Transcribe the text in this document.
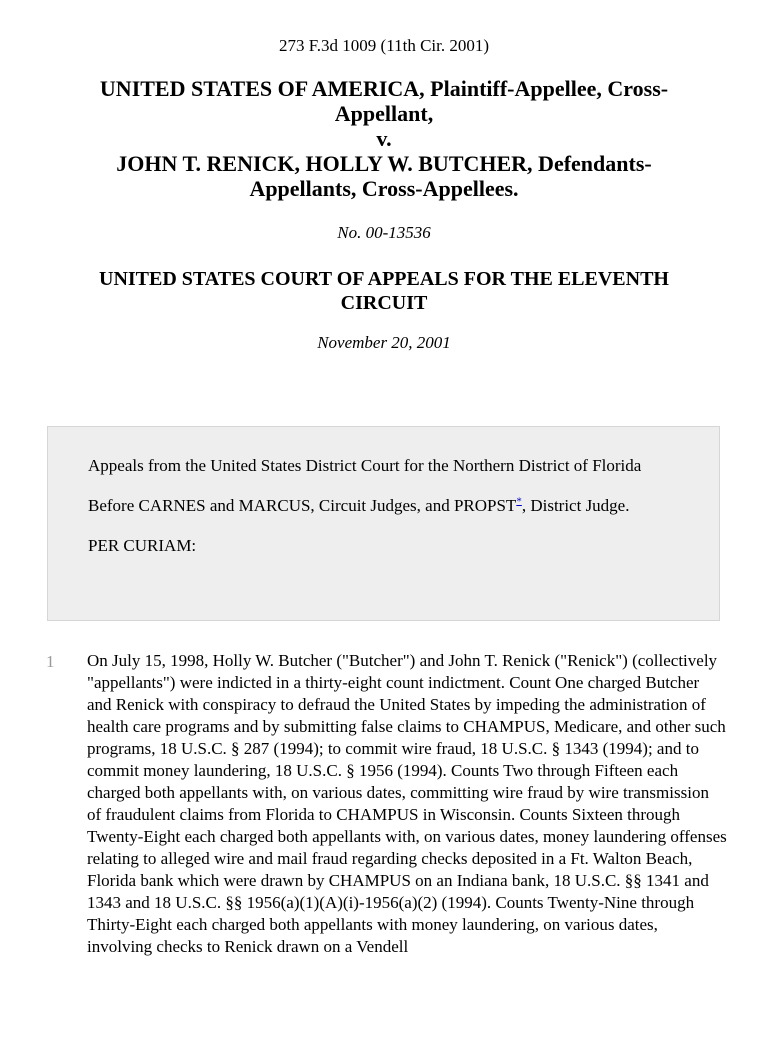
273 F.3d 1009 (11th Cir. 2001)
UNITED STATES OF AMERICA, Plaintiff-Appellee, Cross-
Appellant,
v.
JOHN T. RENICK, HOLLY W. BUTCHER, Defendants-
Appellants, Cross-Appellees.
No. 00-13536
UNITED STATES COURT OF APPEALS FOR THE ELEVENTH
CIRCUIT
November 20, 2001

Appeals from the United States District Court for the Northern District of Florida

Before CARNES and MARCUS, Circuit Judges, and PROPST*, District Judge.

PER CURIAM:

1 On July 15, 1998, Holly W. Butcher ("Butcher") and John T. Renick ("Renick") (collectively "appellants") were indicted in a thirty-eight count indictment. Count One charged Butcher and Renick with conspiracy to defraud the United States by impeding the administration of health care programs and by submitting false claims to CHAMPUS, Medicare, and other such programs, 18 U.S.C. § 287 (1994); to commit wire fraud, 18 U.S.C. § 1343 (1994); and to commit money laundering, 18 U.S.C. § 1956 (1994). Counts Two through Fifteen each charged both appellants with, on various dates, committing wire fraud by wire transmission of fraudulent claims from Florida to CHAMPUS in Wisconsin. Counts Sixteen through Twenty-Eight each charged both appellants with, on various dates, money laundering offenses relating to alleged wire and mail fraud regarding checks deposited in a Ft. Walton Beach, Florida bank which were drawn by CHAMPUS on an Indiana bank, 18 U.S.C. §§ 1341 and 1343 and 18 U.S.C. §§ 1956(a)(1)(A)(i)-1956(a)(2) (1994). Counts Twenty-Nine through Thirty-Eight each charged both appellants with money laundering, on various dates, involving checks to Renick drawn on a Vendell
